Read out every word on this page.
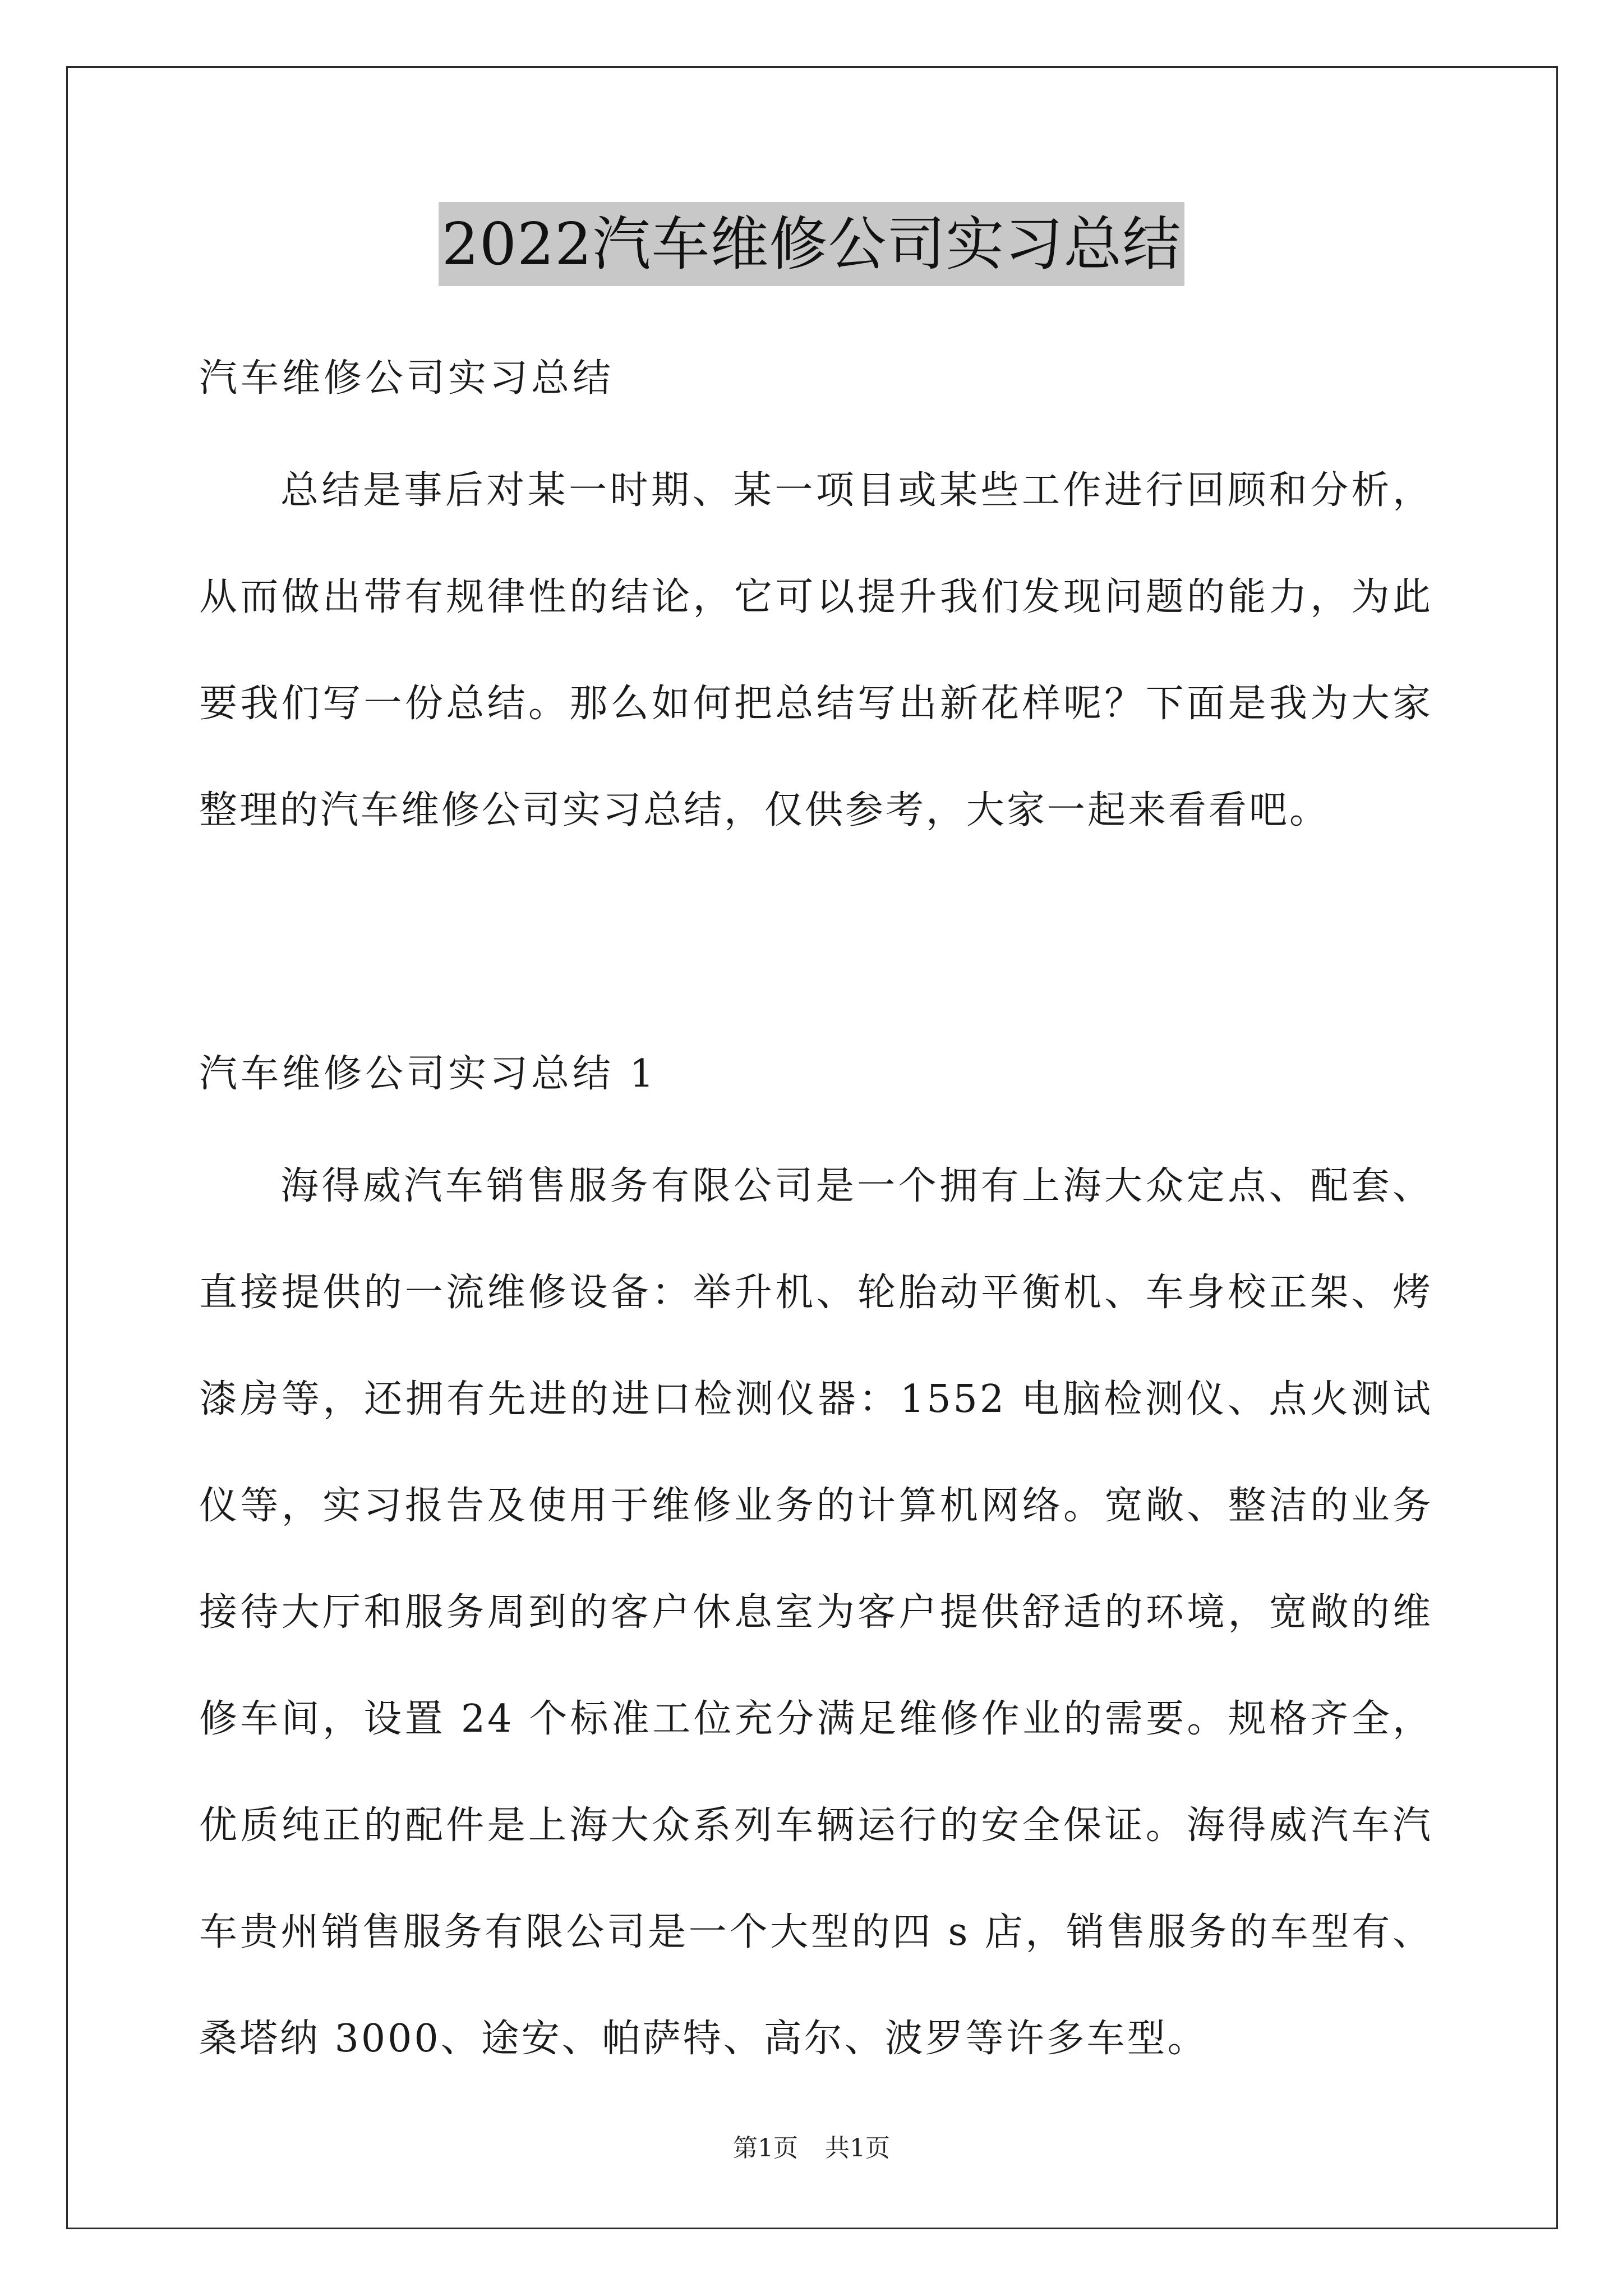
2022汽车维修公司实习总结

汽车维修公司实习总结

总结是事后对某一时期、某一项目或某些工作进行回顾和分析，从而做出带有规律性的结论，它可以提升我们发现问题的能力，为此要我们写一份总结。那么如何把总结写出新花样呢？下面是我为大家整理的汽车维修公司实习总结，仅供参考，大家一起来看看吧。

汽车维修公司实习总结 1

海得威汽车销售服务有限公司是一个拥有上海大众定点、配套、直接提供的一流维修设备：举升机、轮胎动平衡机、车身校正架、烤漆房等，还拥有先进的进口检测仪器：1552 电脑检测仪、点火测试仪等，实习报告及使用于维修业务的计算机网络。宽敞、整洁的业务接待大厅和服务周到的客户休息室为客户提供舒适的环境，宽敞的维修车间，设置 24 个标准工位充分满足维修作业的需要。规格齐全，优质纯正的配件是上海大众系列车辆运行的安全保证。海得威汽车汽车贵州销售服务有限公司是一个大型的四 s 店，销售服务的车型有、桑塔纳 3000、途安、帕萨特、高尔、波罗等许多车型。

第1页 共1页
